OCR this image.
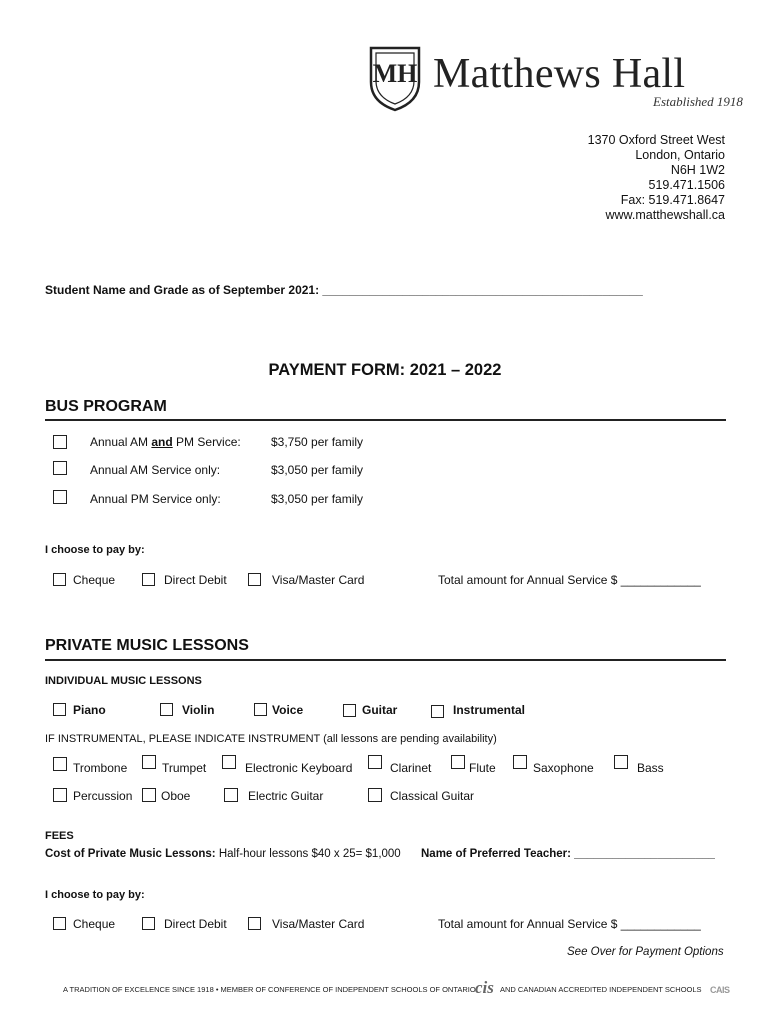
MH Matthews Hall
Established 1918
1370 Oxford Street West
London, Ontario
N6H 1W2
519.471.1506
Fax: 519.471.8647
www.matthewshall.ca
Student Name and Grade as of September 2021: ________________________________________________
PAYMENT FORM: 2021 – 2022
BUS PROGRAM
Annual AM and PM Service:	$3,750 per family
Annual AM Service only:	$3,050 per family
Annual PM Service only:	$3,050 per family
I choose to pay by:
Cheque	Direct Debit	Visa/Master Card	Total amount for Annual Service $ ____________
PRIVATE MUSIC LESSONS
INDIVIDUAL MUSIC LESSONS
Piano	Violin	Voice	Guitar	Instrumental
IF INSTRUMENTAL, PLEASE INDICATE INSTRUMENT (all lessons are pending availability)
Trombone	Trumpet	Electronic Keyboard	Clarinet	Flute	Saxophone	Bass
Percussion Oboe	Electric Guitar	Classical Guitar
FEES
Cost of Private Music Lessons: Half-hour lessons $40 x 25= $1,000 Name of Preferred Teacher: ______________________
I choose to pay by:
Cheque	Direct Debit	Visa/Master Card	Total amount for Annual Service $ ____________
See Over for Payment Options
A TRADITION OF EXCELENCE SINCE 1918 • MEMBER OF CONFERENCE OF INDEPENDENT SCHOOLS OF ONTARIO cis AND CANADIAN ACCREDITED INDEPENDENT SCHOOLS CAIS
